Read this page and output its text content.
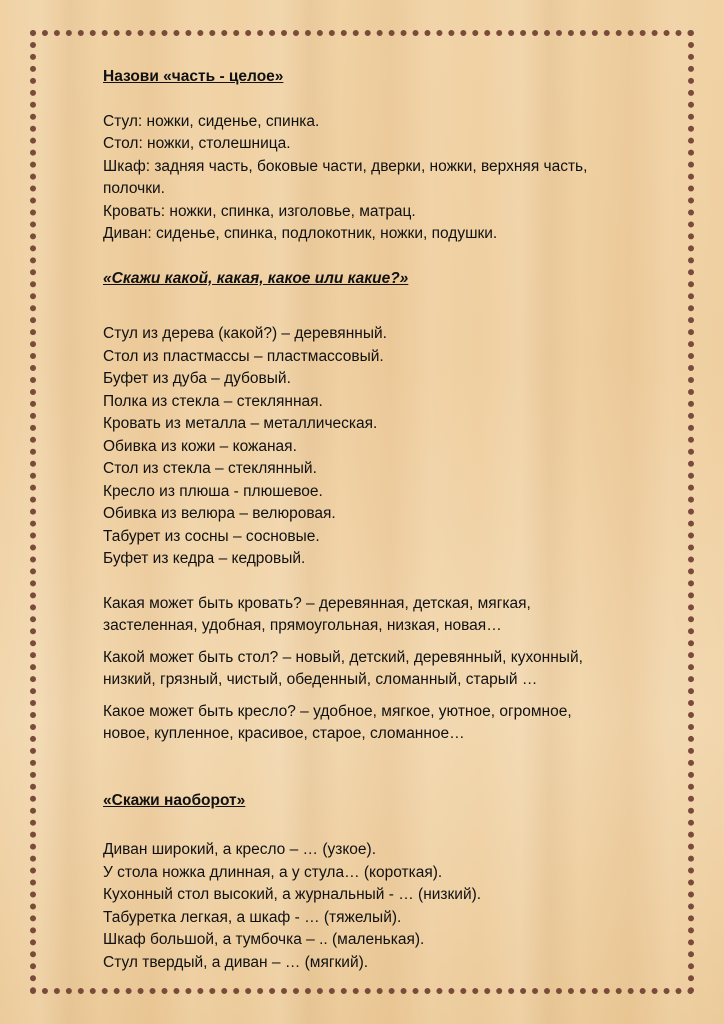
Назови «часть - целое»

Стул: ножки, сиденье, спинка.

Стол: ножки, столешница.

Шкаф: задняя часть, боковые части, дверки, ножки, верхняя часть,

полочки.

Кровать: ножки, спинка, изголовье, матрац.

Диван: сиденье, спинка, подлокотник, ножки, подушки.

«Скажи какой, какая, какое или какие?»

Стул из дерева (какой?) – деревянный.

Стол из пластмассы – пластмассовый.

Буфет из дуба – дубовый.

Полка из стекла – стеклянная.

Кровать из металла – металлическая.

Обивка из кожи – кожаная.

Стол из стекла – стеклянный.

Кресло из плюша - плюшевое.

Обивка из велюра – велюровая.

Табурет из сосны – сосновые.

Буфет из кедра – кедровый.

Какая может быть кровать? – деревянная, детская, мягкая,

застеленная, удобная, прямоугольная, низкая, новая…

Какой может быть стол? – новый, детский, деревянный, кухонный,

низкий, грязный, чистый, обеденный, сломанный, старый …

Какое может быть кресло? – удобное, мягкое, уютное, огромное,

новое, купленное, красивое, старое, сломанное…

«Скажи наоборот»

Диван широкий, а кресло – … (узкое).

У стола ножка длинная, а у стула… (короткая).

Кухонный стол высокий, а журнальный - … (низкий).

Табуретка легкая, а шкаф - … (тяжелый).

Шкаф большой, а тумбочка – .. (маленькая).

Стул твердый, а диван – … (мягкий).
